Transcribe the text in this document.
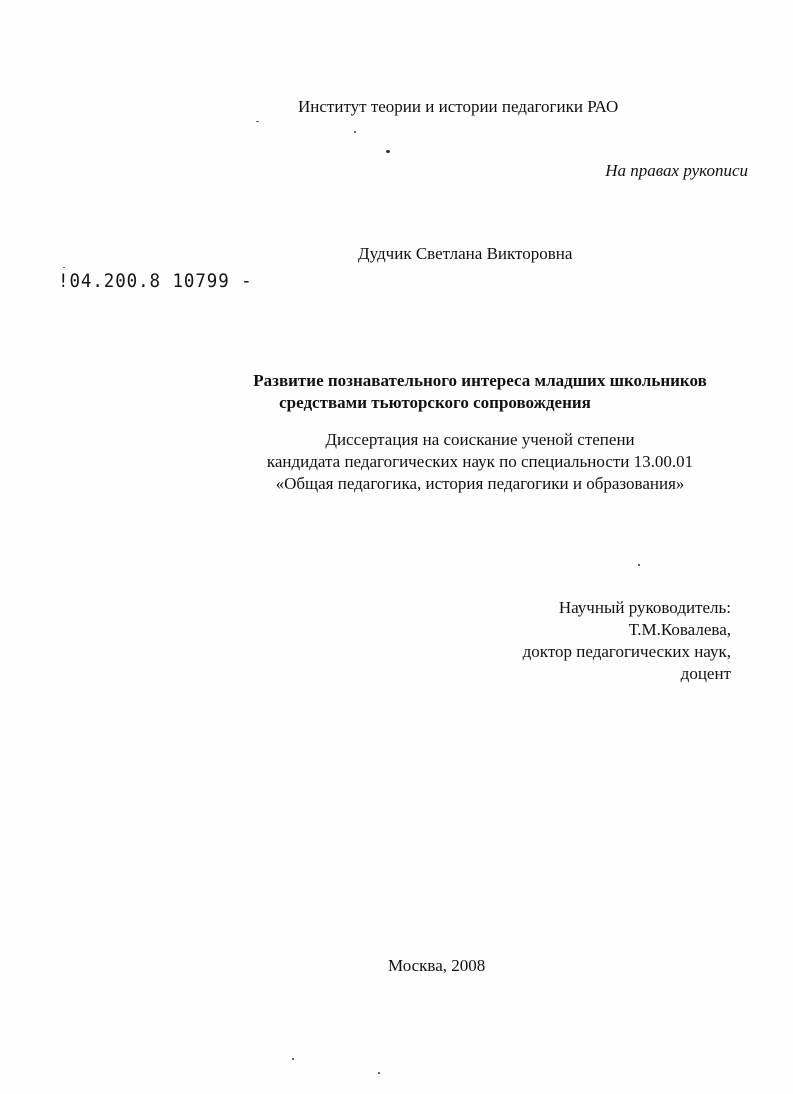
Институт теории и истории педагогики РАО
На правах рукописи
!04.200.8 10799 -
Дудчик Светлана Викторовна
Развитие познавательного интереса младших школьников
средствами тьюторского сопровождения
Диссертация на соискание ученой степени
кандидата педагогических наук по специальности 13.00.01
«Общая педагогика, история педагогики и образования»
Научный руководитель:
Т.М.Ковалева,
доктор педагогических наук,
доцент
Москва, 2008
